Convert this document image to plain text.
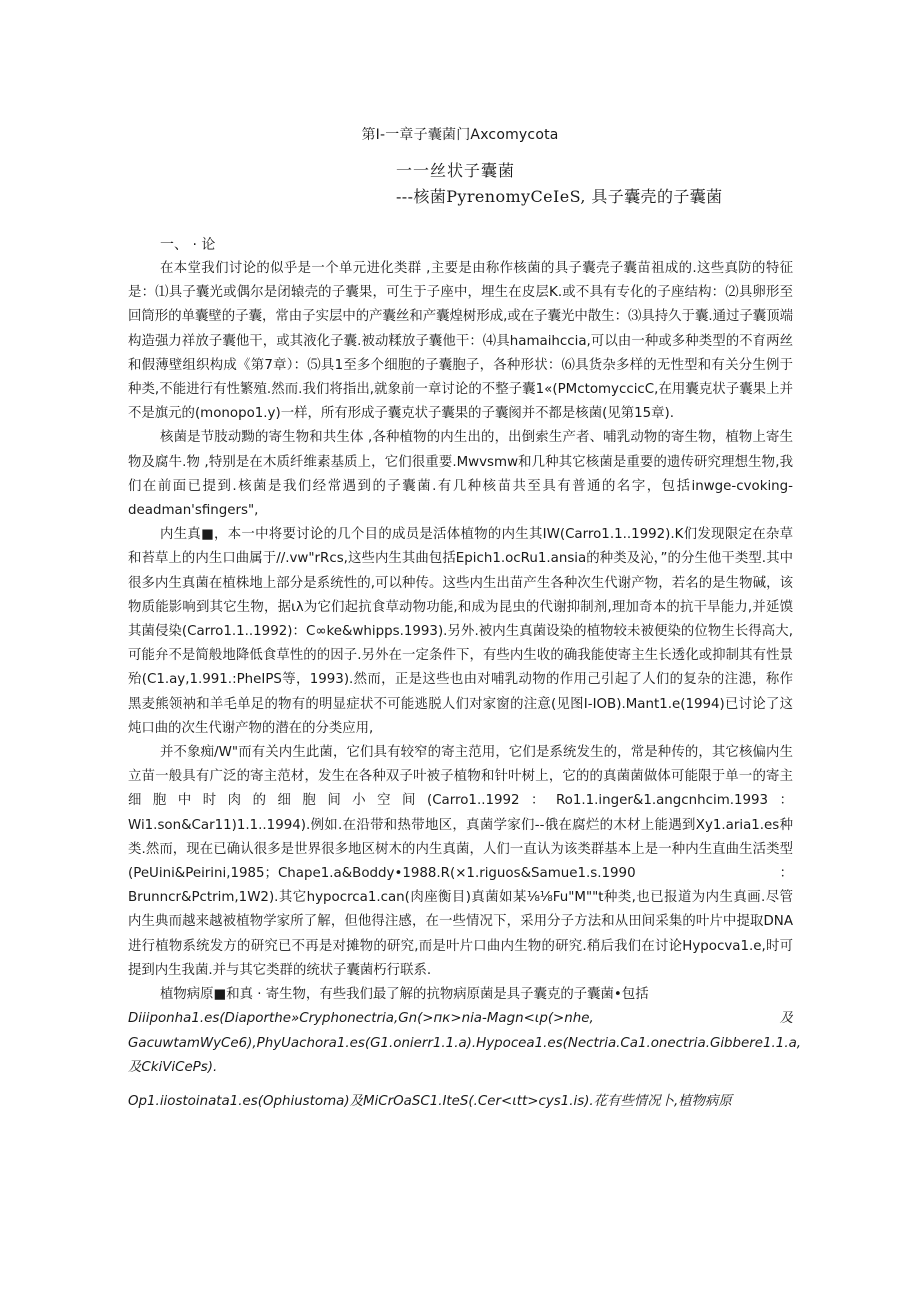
第I-一章子囊菌门Axcomycota
一一丝状子囊菌
---核菌PyrenomyCeIeS, 具子囊壳的子囊菌
一、 · 论

在本堂我们讨论的似乎是一个单元进化类群 ,主要是由称作核菌的具子囊壳子囊苗祖成的.这些真防的特征是：⑴具子囊光或偶尔是闭辕壳的子囊果，可生于子座中，埋生在皮层K.或不具有专化的子座结构：⑵具卵形至回筒形的单囊壁的子囊，常由子实层中的产囊丝和产囊煌树形成,或在子囊光中散生：⑶具持久于囊.通过子囊顶端构造强力祥放子囊他干，或其液化子囊.被动糅放子囊他干：⑷具hamaihccia,可以由一种或多种类型的不育两丝和假薄壁组织构成《第7章）：⑸具1至多个细胞的子囊胞子，各种形状：⑹具货杂多样的无性型和有关分生例于种类,不能进行有性繁殖.然而.我们将指出,就象前一章讨论的不整子囊1«(PMctomyccicC,在用囊克状子囊果上并不是旗元的(monopo1.y)一样，所有形成子囊克状子囊果的子囊阂并不都是核菌(见第15章).

核菌是节肢动黝的寄生物和共生体 ,各种植物的内生出的，出倒索生产者、哺乳动物的寄生物，植物上寄生物及腐牛.物 ,特别是在木质纤维素基质上，它们很重要.Mwvsmw和几种其它核菌是重要的遗传研究理想生物,我们在前面已提到.核菌是我们经常遇到的子囊菌.有几种核苗共至具有普通的名字，包括inwge-cvoking-deadman'sfingers",

内生真■，本一中将要讨论的几个目的成员是活体植物的内生其IW(Carro1.1..1992).K们发现限定在杂草和苔草上的内生口曲属于//.vw"rRcs,这些内生其曲包括Epich1.ocRu1.ansia的种类及沁，”的分生他干类型.其中很多内生真菌在植株地上部分是系统性的,可以种传。这些内生出苗产生各种次生代谢产物，若名的是生物碱，该物质能影响到其它生物，据ιλ为它们起抗食草动物功能,和成为昆虫的代谢抑制剂,理加奇本的抗干旱能力,并延馍其菌侵染(Carro1.1..1992)：C∞ke&whipps.1993).另外.被内生真菌设染的植物较未被便染的位物生长得高大,可能弁不是简般地降低食草性的的因子.另外在一定条件下，有些内生收的确我能使寄主生长透化或抑制其有性景殆(C1.ay,1.991.:PheIPS等，1993).然而，正是这些也由对哺乳动物的作用己引起了人们的复杂的注漶，称作黑麦熊领衲和羊毛单足的物有的明显症状不可能逃脱人们对家窗的注意(见图I-IOB).Mant1.e(1994)已讨论了这炖口曲的次生代谢产物的潜在的分类应用,

并不象痴/W"而有关内生此菌，它们具有较窄的寄主范用，它们是系统发生的，常是种传的，其它核偏内生立苗一般具有广泛的寄主范材，发生在各种双子叶被子植物和针叶树上，它的的真菌菌做体可能限于单一的寄主细胞中时肉的细胞间小空间(Carro1..1992：Ro1.1.inger&1.angcnhcim.1993：Wi1.son&Car11)1.1..1994).例如.在沿带和热带地区，真菌学家们--俄在腐烂的木材上能遇到Xy1.aria1.es种类.然而，现在已确认很多是世界很多地区树木的内生真菌，人们一直认为该类群基本上是一种内生直曲生活类型(PeUini&Peirini,1985；Chape1.a&Boddy•1988.R(×1.riguos&Samue1.s.1990：Brunncr&Pctrim,1W2).其它hypocrca1.can(肉座衡目)真菌如某⅛⅛Fu"M""t种类,也已报道为内生真画.尽管内生典而越来越被植物学家所了解，但他得注感，在一些情况下，采用分子方法和从田间采集的叶片中提取DNA进行植物系统发方的研究已不再是对摊物的研究,而是叶片口曲内生物的研究.稍后我们在讨论Hypocva1.e,时可提到内生我菌.并与其它类群的统状子囊菌朽行联系.

植物病原■和真 · 寄生物，有些我们最了解的抗物病原菌是具子囊克的子囊菌•包括

Diiiponha1.es(Diaporthe»Cryphonectria,Gn(>пк>nia-Magn<ιp(>nhe,及GacuwtamWyCe6),PhyUachora1.es(G1.onierr1.1.a).Hypocea1.es(Nectria.Ca1.onectria.Gibbere1.1.a,及CkiViCePs).

Op1.iiostoinata1.es(Ophiustoma)及MiCrOaSC1.IteS(.Cer<ιtt>cys1.is).花有些情况卜,植物病原
